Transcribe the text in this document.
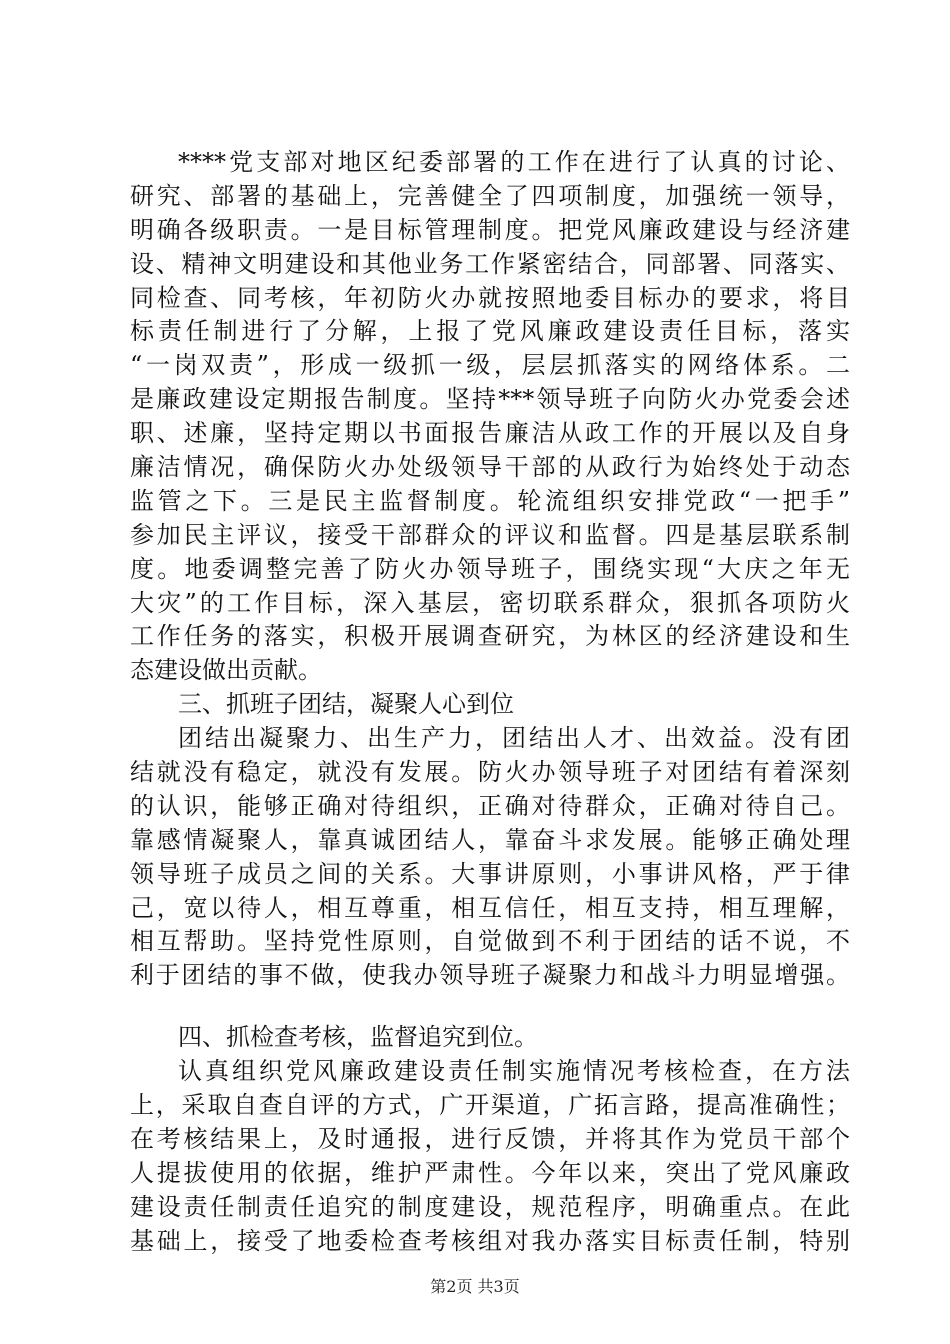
****党支部对地区纪委部署的工作在进行了认真的讨论、
研究、部署的基础上，完善健全了四项制度，加强统一领导，
明确各级职责。一是目标管理制度。把党风廉政建设与经济建
设、精神文明建设和其他业务工作紧密结合，同部署、同落实、
同检查、同考核，年初防火办就按照地委目标办的要求，将目
标责任制进行了分解，上报了党风廉政建设责任目标，落实
“一岗双责”，形成一级抓一级，层层抓落实的网络体系。二
是廉政建设定期报告制度。坚持***领导班子向防火办党委会述
职、述廉，坚持定期以书面报告廉洁从政工作的开展以及自身
廉洁情况，确保防火办处级领导干部的从政行为始终处于动态
监管之下。三是民主监督制度。轮流组织安排党政“一把手”
参加民主评议，接受干部群众的评议和监督。四是基层联系制
度。地委调整完善了防火办领导班子，围绕实现“大庆之年无
大灾”的工作目标，深入基层，密切联系群众，狠抓各项防火
工作任务的落实，积极开展调查研究，为林区的经济建设和生
态建设做出贡献。
三、抓班子团结，凝聚人心到位
团结出凝聚力、出生产力，团结出人才、出效益。没有团
结就没有稳定，就没有发展。防火办领导班子对团结有着深刻
的认识，能够正确对待组织，正确对待群众，正确对待自己。
靠感情凝聚人，靠真诚团结人，靠奋斗求发展。能够正确处理
领导班子成员之间的关系。大事讲原则，小事讲风格，严于律
己，宽以待人，相互尊重，相互信任，相互支持，相互理解，
相互帮助。坚持党性原则，自觉做到不利于团结的话不说，不
利于团结的事不做，使我办领导班子凝聚力和战斗力明显增强。
四、抓检查考核，监督追究到位。
认真组织党风廉政建设责任制实施情况考核检查，在方法
上，采取自查自评的方式，广开渠道，广拓言路，提高准确性；
在考核结果上，及时通报，进行反馈，并将其作为党员干部个
人提拔使用的依据，维护严肃性。今年以来，突出了党风廉政
建设责任制责任追究的制度建设，规范程序，明确重点。在此
基础上，接受了地委检查考核组对我办落实目标责任制，特别
第2页 共3页
